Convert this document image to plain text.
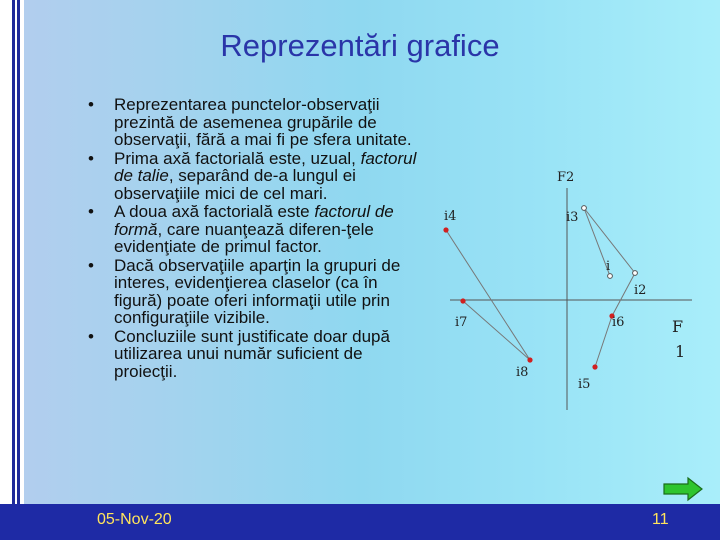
Reprezentări grafice
• Reprezentarea punctelor-observaţii prezintă de asemenea grupările de observaţii, fără a mai fi pe sfera unitate.
• Prima axă factorială este, uzual, factorul de talie, separând de-a lungul ei observaţiile mici de cel mari.
• A doua axă factorială este factorul de formă, care nuanţează diferen-ţele evidenţiate de primul factor.
• Dacă observaţiile aparţin la grupuri de interes, evidenţierea claselor (ca în figură) poate oferi informaţii utile prin configuraţiile vizibile.
• Concluziile sunt justificate doar după utilizarea unui număr suficient de proiecţii.
F2
F
1
i4	i3
i
i2
i6
i7
i8
i5
05-Nov-20	11
